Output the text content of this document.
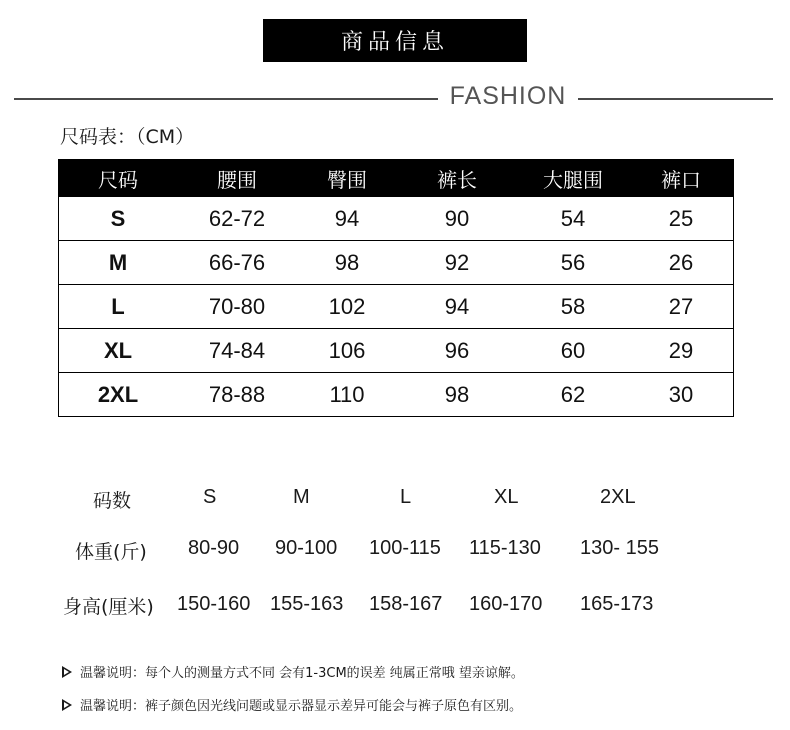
商品信息
FASHION
尺码表：（CM）
尺码	腰围	臀围	裤长	大腿围	裤口
S	62-72	94	90	54	25
M	66-76	98	92	56	26
L	70-80	102	94	58	27
XL	74-84	106	96	60	29
2XL	78-88	110	98	62	30
码数	S	M	L	XL	2XL
体重(斤) 80-90 90-100 100-115 115-130 130- 155
身高(厘米) 150-160 155-163 158-167 160-170 165-173
温馨说明：每个人的测量方式不同 会有1-3CM的误差 纯属正常哦 望亲谅解。
温馨说明：裤子颜色因光线问题或显示器显示差异可能会与裤子原色有区别。
